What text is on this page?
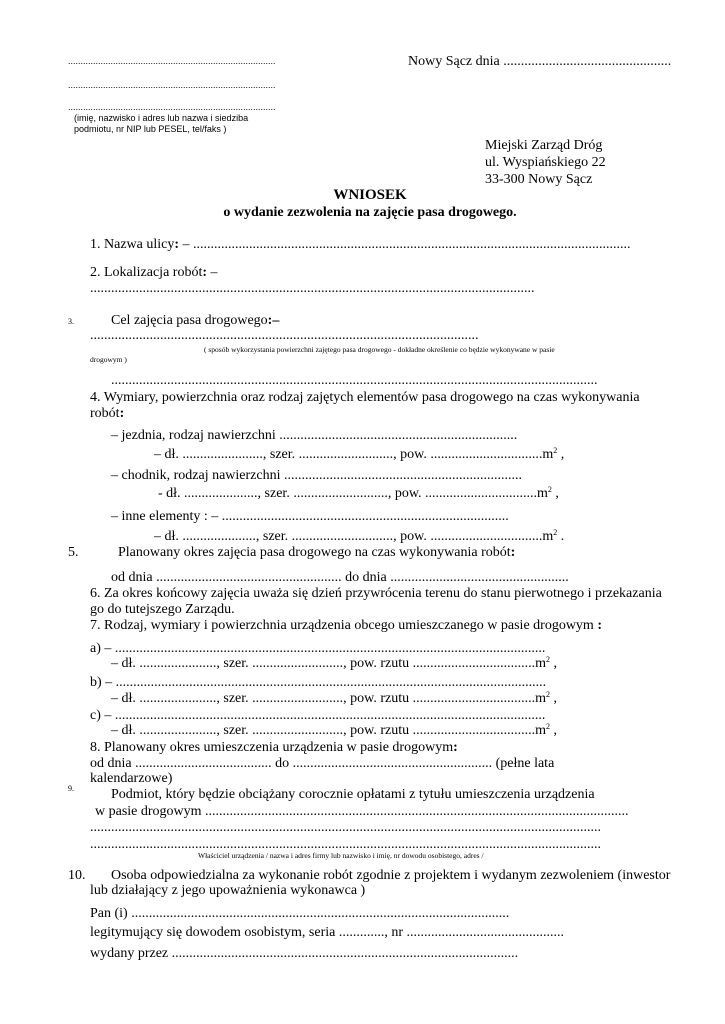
...................................................................................
...................................................................................
...................................................................................
(imię, nazwisko i adres lub nazwa i siedziba
podmiotu, nr NIP lub PESEL, tel/faks )
Nowy Sącz dnia ................................................
Miejski Zarząd Dróg
ul. Wyspiańskiego 22
33-300 Nowy Sącz
WNIOSEK
o wydanie zezwolenia na zajęcie pasa drogowego.
1. Nazwa ulicy: – .............................................................................................................................
2. Lokalizacja robót: –
...............................................................................................................................
3.	Cel zajęcia pasa drogowego:–
...............................................................................................................
( sposób wykorzystania powierzchni zajętego pasa drogowego - dokładne określenie co będzie wykonywane w pasie
drogowym )
...........................................................................................................................................
4. Wymiary, powierzchnia oraz rodzaj zajętych elementów pasa drogowego na czas wykonywania
robót:
– jezdnia, rodzaj nawierzchni ....................................................................
– dł. ......................., szer. ..........................., pow. $................................m^2$ ,
– chodnik, rodzaj nawierzchni ....................................................................
- dł. ....................., szer. ..........................., pow. $................................m^2$ ,
– inne elementy : – ..................................................................................
– dł. ....................., szer. ............................., pow. $................................m^2$ .
5.	Planowany okres zajęcia pasa drogowego na czas wykonywania robót:
od dnia ..................................................... do dnia ...................................................
6. Za okres końcowy zajęcia uważa się dzień przywrócenia terenu do stanu pierwotnego i przekazania
go do tutejszego Zarządu.
7. Rodzaj, wymiary i powierzchnia urządzenia obcego umieszczanego w pasie drogowym :
a) – ...........................................................................................................................
– dł. ......................, szer. .........................., pow. rzutu $...................................m^2$ ,
b) – ...........................................................................................................................
– dł. ......................, szer. .........................., pow. rzutu $...................................m^2$ ,
c) – ...........................................................................................................................
– dł. ......................, szer. .........................., pow. rzutu $...................................m^2$ ,
8. Planowany okres umieszczenia urządzenia w pasie drogowym:
od dnia ....................................... do ......................................................... (pełne lata
kalendarzowe)
9.	Podmiot, który będzie obciążany corocznie opłatami z tytułu umieszczenia urządzenia
w pasie drogowym .........................................................................................................................
..................................................................................................................................................
..................................................................................................................................................
Właściciel urządzenia / nazwa i adres firmy lub nazwisko i imię, nr dowodu osobistego, adres /
10. Osoba odpowiedzialna za wykonanie robót zgodnie z projektem i wydanym zezwoleniem (inwestor
lub działający z jego upoważnienia wykonawca )
Pan (i) ............................................................................................................
legitymujący się dowodem osobistym, seria ............., nr .............................................
wydany przez ...................................................................................................
